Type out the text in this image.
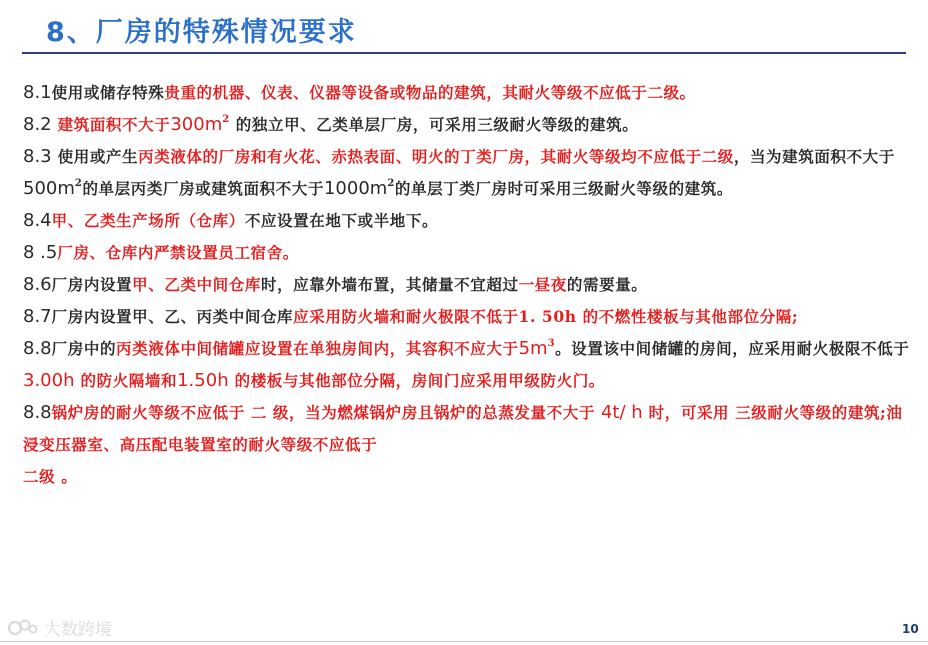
8、厂房的特殊情况要求

8.1使用或储存特殊贵重的机器、仪表、仪器等设备或物品的建筑，其耐火等级不应低于二级。

8.2 建筑面积不大于$300m^2$ 的独立甲、乙类单层厂房，可采用三级耐火等级的建筑。

8.3 使用或产生丙类液体的厂房和有火花、赤热表面、明火的丁类厂房，其耐火等级均不应低于二级，当为建筑面积不大于$500m^2$的单层丙类厂房或建筑面积不大于$1000m^2$的单层丁类厂房时可采用三级耐火等级的建筑。

8.4甲、乙类生产场所（仓库）不应设置在地下或半地下。

8 .5厂房、仓库内严禁设置员工宿舍。

8.6厂房内设置甲、乙类中间仓库时，应靠外墙布置，其储量不宜超过一昼夜的需要量。

8.7厂房内设置甲、乙、丙类中间仓库应采用防火墙和耐火极限不低于1. 50h 的不燃性楼板与其他部位分隔;

8.8厂房中的丙类液体中间储罐应设置在单独房间内，其容积不应大于$5m^3$。设置该中间储罐的房间，应采用耐火极限不低于3.00h 的防火隔墙和1.50h 的楼板与其他部位分隔，房间门应采用甲级防火门。

8.8锅炉房的耐火等级不应低于 二 级，当为燃煤锅炉房且锅炉的总蒸发量不大于 4t/ h 时，可采用 三级耐火等级的建筑;油浸变压器室、高压配电装置室的耐火等级不应低于
二级 。

大数跨境	10
